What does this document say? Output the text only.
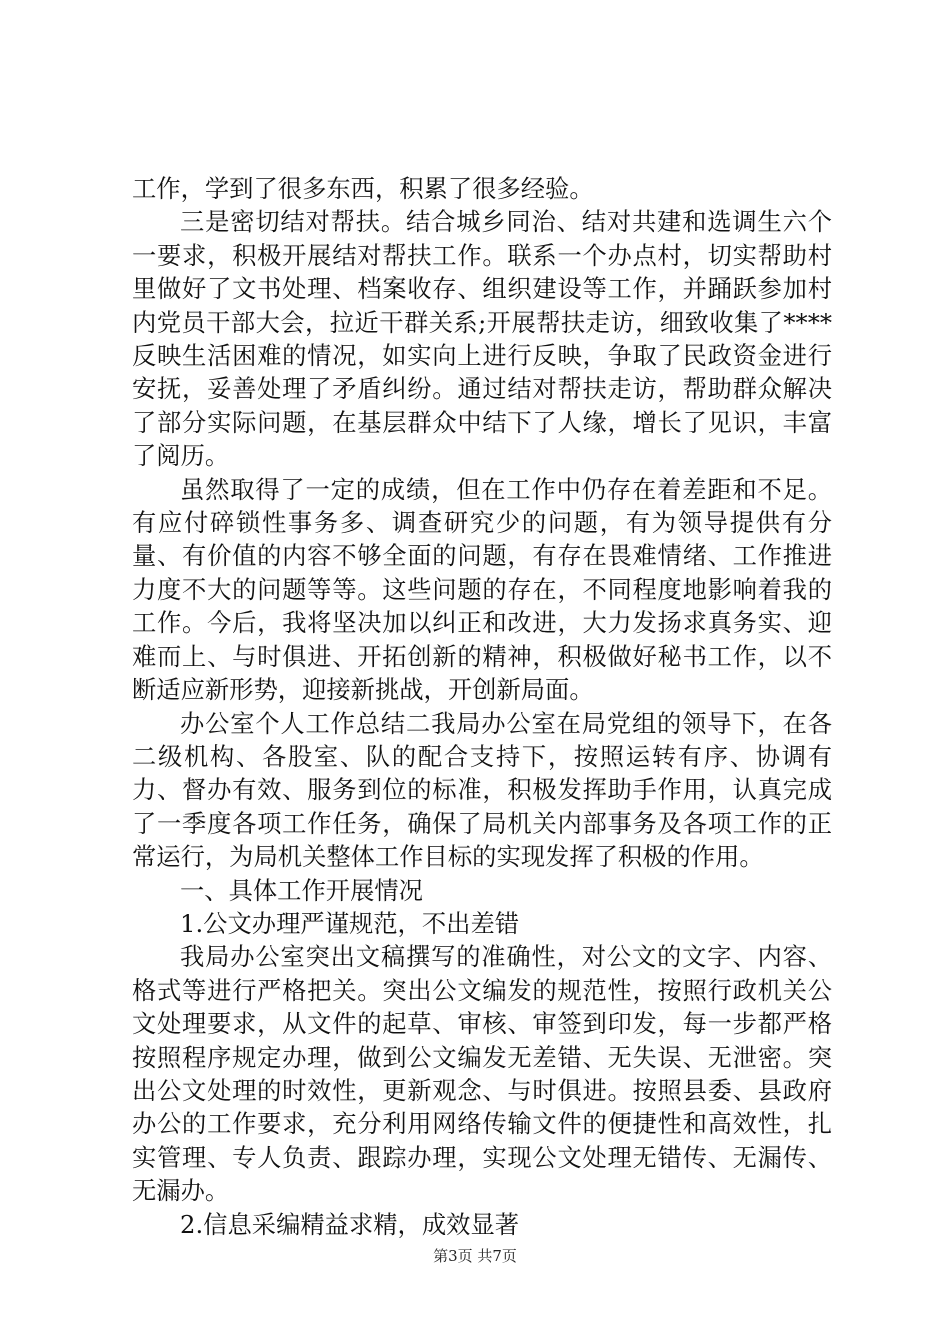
工作，学到了很多东西，积累了很多经验。

三是密切结对帮扶。结合城乡同治、结对共建和选调生六个一要求，积极开展结对帮扶工作。联系一个办点村，切实帮助村里做好了文书处理、档案收存、组织建设等工作，并踊跃参加村内党员干部大会，拉近干群关系;开展帮扶走访，细致收集了****反映生活困难的情况，如实向上进行反映，争取了民政资金进行安抚，妥善处理了矛盾纠纷。通过结对帮扶走访，帮助群众解决了部分实际问题，在基层群众中结下了人缘，增长了见识，丰富了阅历。

虽然取得了一定的成绩，但在工作中仍存在着差距和不足。有应付碎锁性事务多、调查研究少的问题，有为领导提供有分量、有价值的内容不够全面的问题，有存在畏难情绪、工作推进力度不大的问题等等。这些问题的存在，不同程度地影响着我的工作。今后，我将坚决加以纠正和改进，大力发扬求真务实、迎难而上、与时俱进、开拓创新的精神，积极做好秘书工作，以不断适应新形势，迎接新挑战，开创新局面。

办公室个人工作总结二我局办公室在局党组的领导下，在各二级机构、各股室、队的配合支持下，按照运转有序、协调有力、督办有效、服务到位的标准，积极发挥助手作用，认真完成了一季度各项工作任务，确保了局机关内部事务及各项工作的正常运行，为局机关整体工作目标的实现发挥了积极的作用。

一、具体工作开展情况

1.公文办理严谨规范，不出差错

我局办公室突出文稿撰写的准确性，对公文的文字、内容、格式等进行严格把关。突出公文编发的规范性，按照行政机关公文处理要求，从文件的起草、审核、审签到印发，每一步都严格按照程序规定办理，做到公文编发无差错、无失误、无泄密。突出公文处理的时效性，更新观念、与时俱进。按照县委、县政府办公的工作要求，充分利用网络传输文件的便捷性和高效性，扎实管理、专人负责、跟踪办理，实现公文处理无错传、无漏传、无漏办。

2.信息采编精益求精，成效显著

第3页 共7页
